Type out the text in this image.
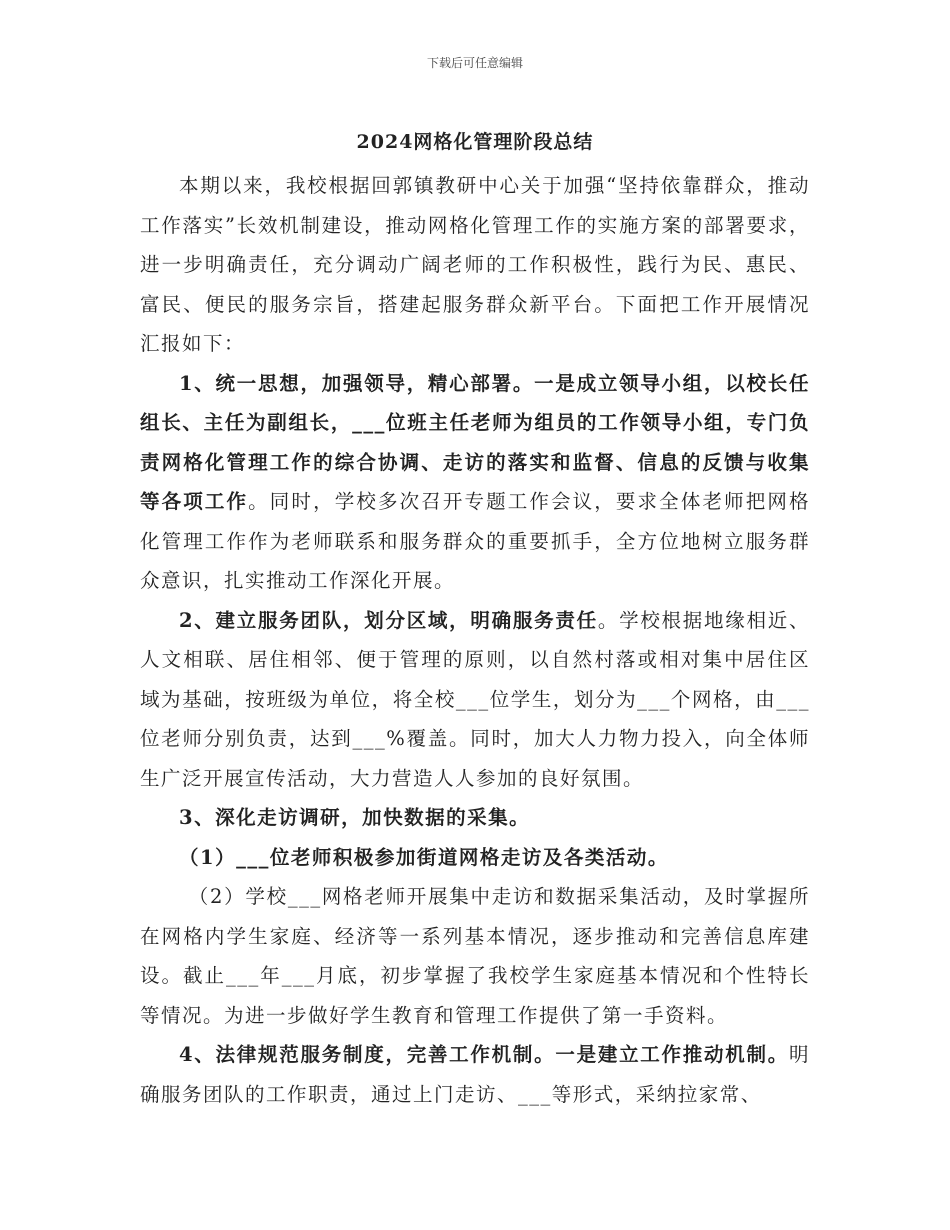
下载后可任意编辑
2024网格化管理阶段总结

本期以来，我校根据回郭镇教研中心关于加强“坚持依靠群众，推动工作落实”长效机制建设，推动网格化管理工作的实施方案的部署要求，进一步明确责任，充分调动广阔老师的工作积极性，践行为民、惠民、富民、便民的服务宗旨，搭建起服务群众新平台。下面把工作开展情况汇报如下：

1、统一思想，加强领导，精心部署。一是成立领导小组，以校长任组长、主任为副组长，___位班主任老师为组员的工作领导小组，专门负责网格化管理工作的综合协调、走访的落实和监督、信息的反馈与收集等各项工作。同时，学校多次召开专题工作会议，要求全体老师把网格化管理工作作为老师联系和服务群众的重要抓手，全方位地树立服务群众意识，扎实推动工作深化开展。

2、建立服务团队，划分区域，明确服务责任。学校根据地缘相近、人文相联、居住相邻、便于管理的原则，以自然村落或相对集中居住区域为基础，按班级为单位，将全校___位学生，划分为___个网格，由___位老师分别负责，达到___%覆盖。同时，加大人力物力投入，向全体师生广泛开展宣传活动，大力营造人人参加的良好氛围。

3、深化走访调研，加快数据的采集。

（1）___位老师积极参加街道网格走访及各类活动。

（2）学校___网格老师开展集中走访和数据采集活动，及时掌握所在网格内学生家庭、经济等一系列基本情况，逐步推动和完善信息库建设。截止___年___月底，初步掌握了我校学生家庭基本情况和个性特长等情况。为进一步做好学生教育和管理工作提供了第一手资料。

4、法律规范服务制度，完善工作机制。一是建立工作推动机制。明确服务团队的工作职责，通过上门走访、___等形式，采纳拉家常、
